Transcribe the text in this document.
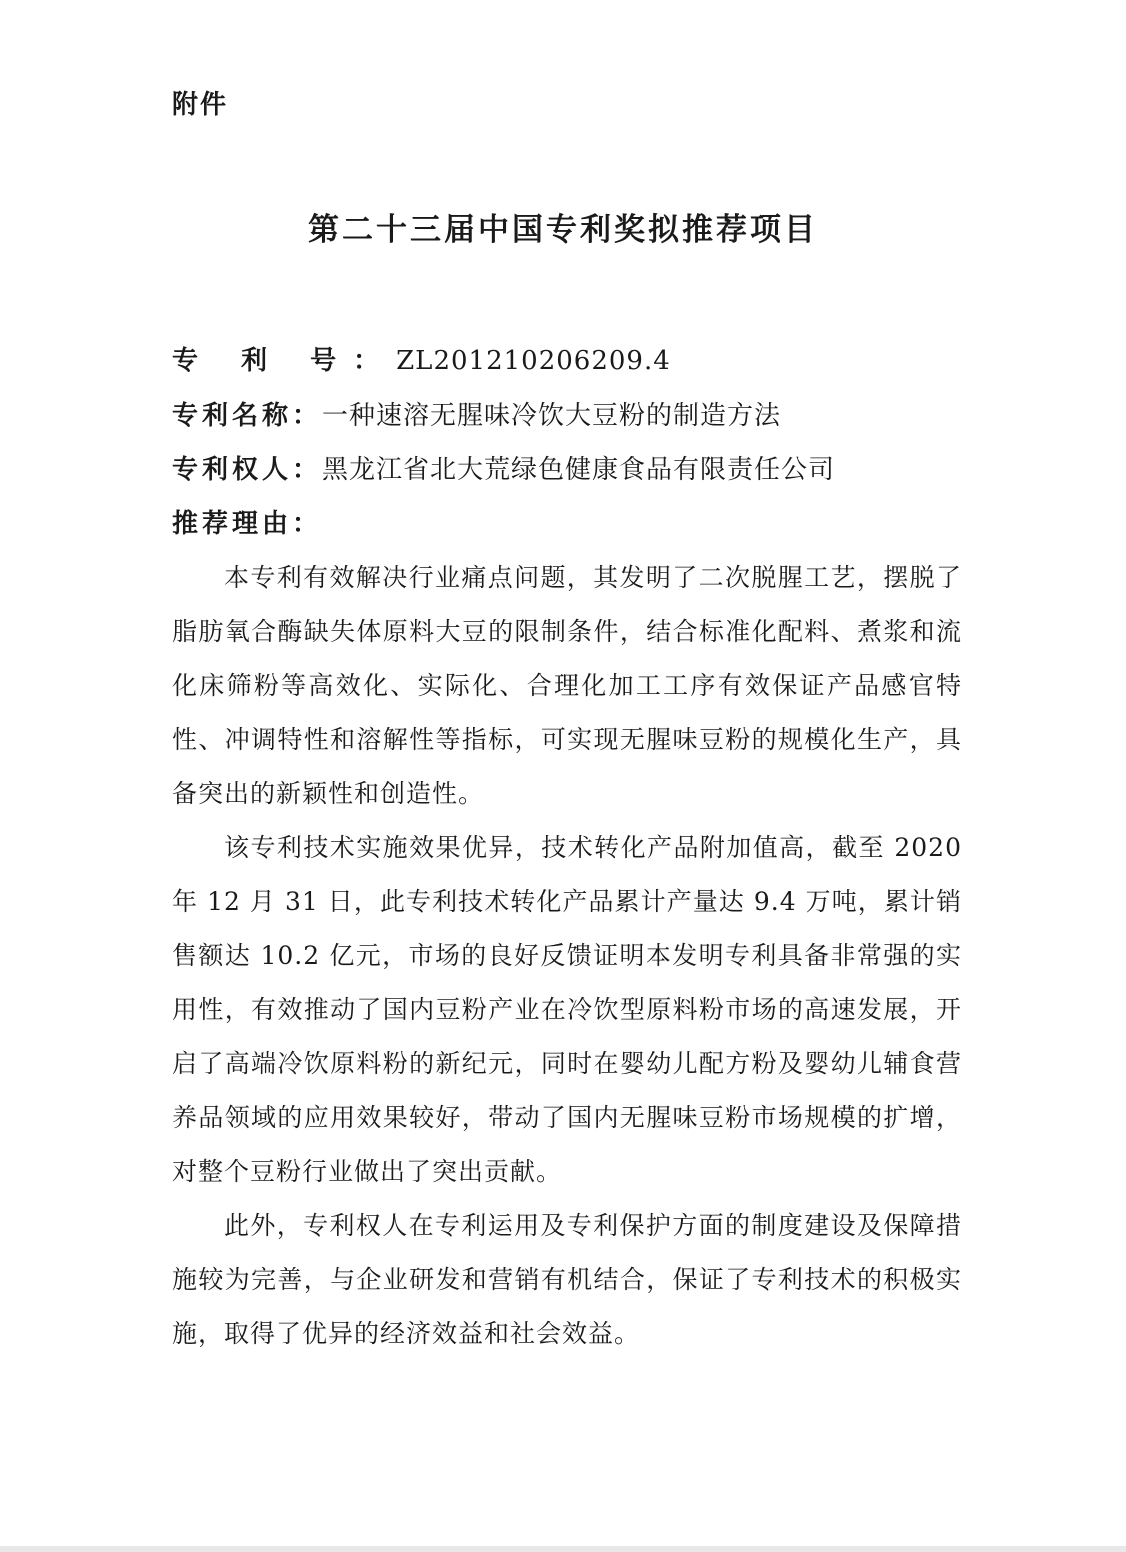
附件
第二十三届中国专利奖拟推荐项目
专 利 号：ZL201210206209.4
专利名称：一种速溶无腥味冷饮大豆粉的制造方法
专利权人：黑龙江省北大荒绿色健康食品有限责任公司
推荐理由：

本专利有效解决行业痛点问题，其发明了二次脱腥工艺，摆脱了脂肪氧合酶缺失体原料大豆的限制条件，结合标准化配料、煮浆和流化床筛粉等高效化、实际化、合理化加工工序有效保证产品感官特性、冲调特性和溶解性等指标，可实现无腥味豆粉的规模化生产，具备突出的新颖性和创造性。

该专利技术实施效果优异，技术转化产品附加值高，截至 2020 年 12 月 31 日，此专利技术转化产品累计产量达 9.4 万吨，累计销售额达 10.2 亿元，市场的良好反馈证明本发明专利具备非常强的实用性，有效推动了国内豆粉产业在冷饮型原料粉市场的高速发展，开启了高端冷饮原料粉的新纪元，同时在婴幼儿配方粉及婴幼儿辅食营养品领域的应用效果较好，带动了国内无腥味豆粉市场规模的扩增，对整个豆粉行业做出了突出贡献。

此外，专利权人在专利运用及专利保护方面的制度建设及保障措施较为完善，与企业研发和营销有机结合，保证了专利技术的积极实施，取得了优异的经济效益和社会效益。
